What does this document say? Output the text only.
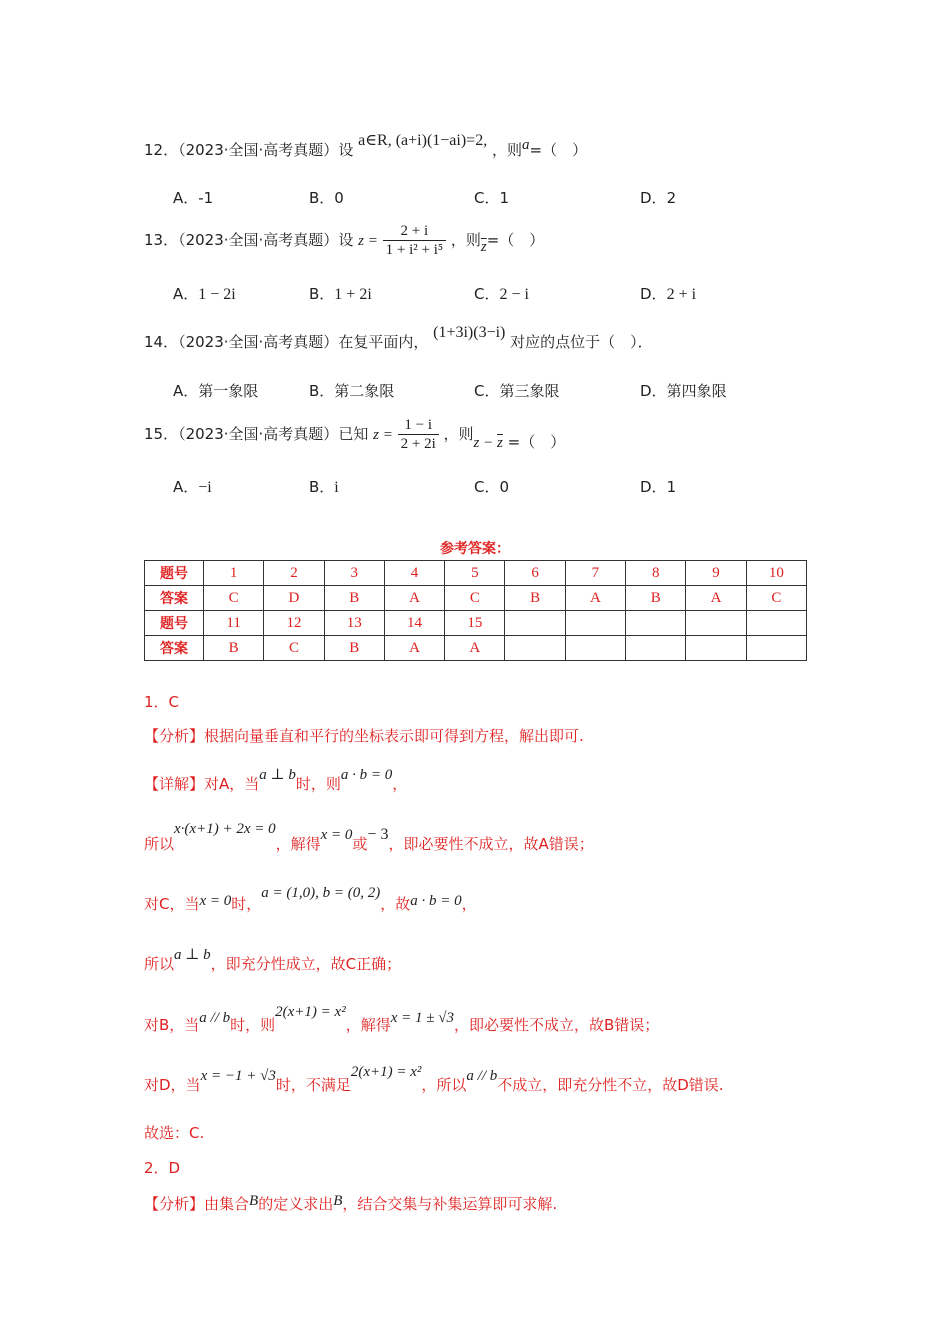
12．（2023·全国·高考真题）设 a∈R, (a+i)(1−ai)=2, ，则a=（　）
A．-1	B．0	C．1	D．2
13．（2023·全国·高考真题）设 $z = \frac{2 + i}{\text{1 + i² + i⁵}}$ ，则$\overline{z}=$（　）
A．1 − 2i	B．1 + 2i	C．2 − i	D．2 + i
14．（2023·全国·高考真题）在复平面内， (1+3i)(3−i) 对应的点位于（　）．
A．第一象限	B．第二象限	C．第三象限	D．第四象限
15．（2023·全国·高考真题）已知 $z = \frac{1 - i}{2 + 2i}$ ，则$z - \overline{z}$ =（　）
A．−i	B．i	C．0	D．1
参考答案：
题号	1	2	3	4	5	6	7	8	9	10
答案	C	D	B	A	C	B	A	B	A	C
题号	11	12	13	14	15					
答案	B	C	B	A	A					
1．C
【分析】根据向量垂直和平行的坐标表示即可得到方程，解出即可.
【详解】对A，当a ⊥ b时，则a · b = 0，
所以x·(x+1) + 2x = 0，解得x = 0或− 3，即必要性不成立，故A错误；
对C，当x = 0时，a = (1,0), b = (0, 2)，故a · b = 0，
所以a ⊥ b，即充分性成立，故C正确；
对B，当a // b时，则2(x+1) = x²，解得x = 1 ± √3，即必要性不成立，故B错误；
对D，当x = −1 + √3时，不满足2(x+1) = x²，所以a // b不成立，即充分性不立，故D错误.
故选：C.
2．D
【分析】由集合B的定义求出B，结合交集与补集运算即可求解.
